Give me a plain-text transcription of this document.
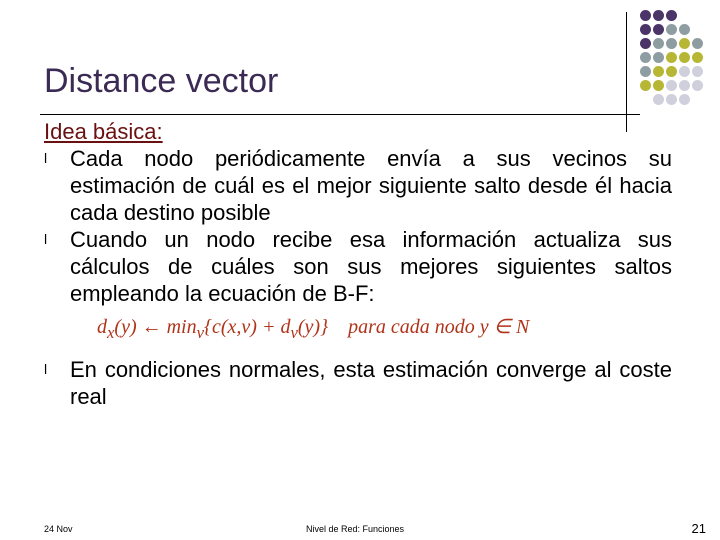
Distance vector
Idea básica:
l Cada nodo periódicamente envía a sus vecinos su estimación de cuál es el mejor siguiente salto desde él hacia cada destino posible
l Cuando un nodo recibe esa información actualiza sus cálculos de cuáles son sus mejores siguientes saltos empleando la ecuación de B-F:
$d_x(y)$ ← $\min_v\{c(x,v) + d_v(y)\}$ para cada nodo y ∈ N
l En condiciones normales, esta estimación converge al coste real
24 Nov	Nivel de Red: Funciones	21
